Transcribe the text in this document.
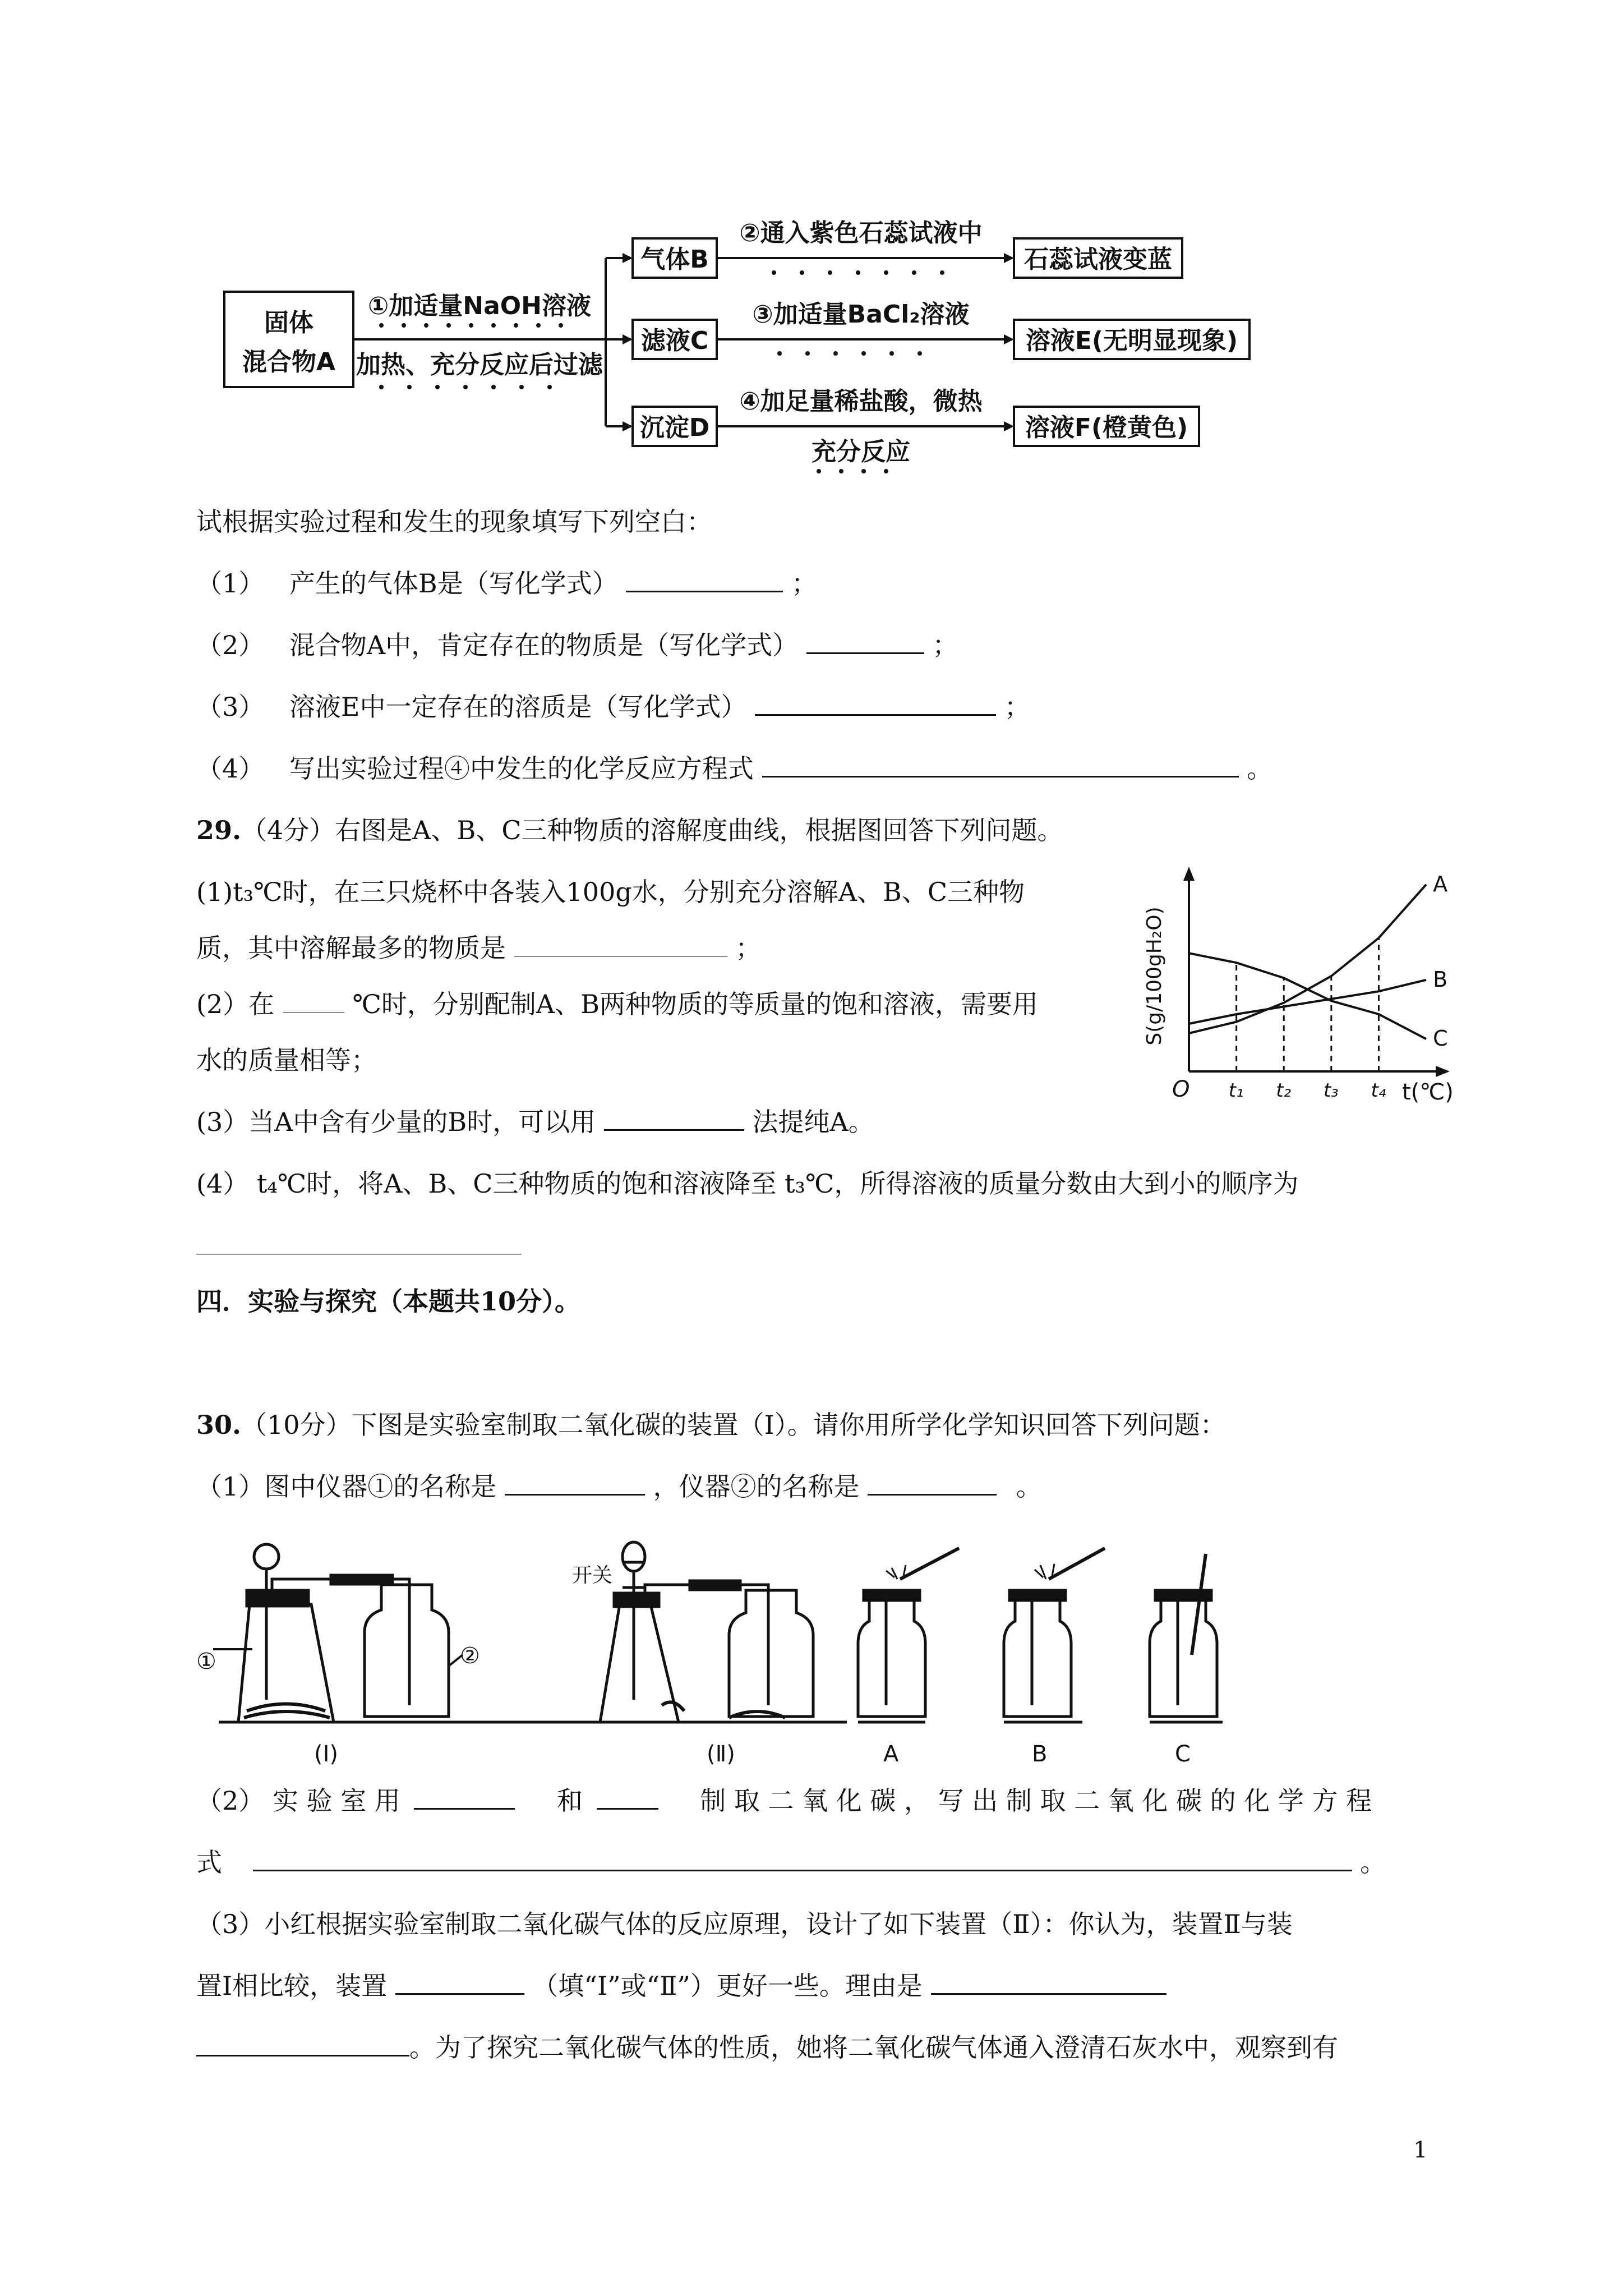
固体
混合物A
①加适量NaOH溶液
加热、充分反应后过滤
气体B
滤液C
沉淀D
②通入紫色石蕊试液中
③加适量BaCl₂溶液
④加足量稀盐酸，微热
充分反应
石蕊试液变蓝
溶液E(无明显现象)
溶液F(橙黄色)
试根据实验过程和发生的现象填写下列空白：
（1） 产生的气体B是（写化学式）	；
（2） 混合物A中，肯定存在的物质是（写化学式）	；
（3） 溶液E中一定存在的溶质是（写化学式）	；
（4） 写出实验过程④中发生的化学反应方程式	。
29.（4分）右图是A、B、C三种物质的溶解度曲线，根据图回答下列问题。
(1)t₃℃时，在三只烧杯中各装入100g水，分别充分溶解A、B、C三种物
质，其中溶解最多的物质是	；
(2）在	℃时，分别配制A、B两种物质的等质量的饱和溶液，需要用
水的质量相等；
(3）当A中含有少量的B时，可以用	法提纯A。
(4） t₄℃时，将A、B、C三种物质的饱和溶液降至 t₃℃，所得溶液的质量分数由大到小的顺序为
A
B
C
t₁ t₂ t₃ t₄
S(g/100gH₂O)
O	t(℃)
四．实验与探究（本题共10分）。
30.（10分）下图是实验室制取二氧化碳的装置（Ⅰ）。请你用所学化学知识回答下列问题：
（1）图中仪器①的名称是	，仪器②的名称是	。
①	②
开关
(Ⅰ)	(Ⅱ)	A	B	C
（2） 实 验 室 用	和	制 取 二 氧 化 碳 ， 写 出 制 取 二 氧 化 碳 的 化 学 方 程
式	。
（3）小红根据实验室制取二氧化碳气体的反应原理，设计了如下装置（Ⅱ）：你认为，装置Ⅱ与装
置Ⅰ相比较，装置	（填“Ⅰ”或“Ⅱ”）更好一些。理由是
。为了探究二氧化碳气体的性质，她将二氧化碳气体通入澄清石灰水中，观察到有
1
